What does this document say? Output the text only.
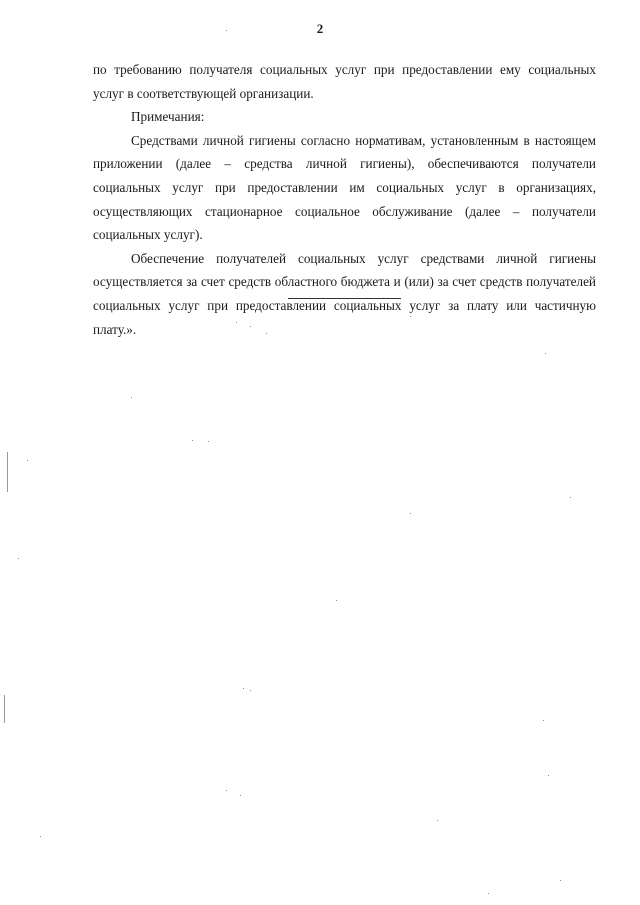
2

по требованию получателя социальных услуг при предоставлении ему социальных услуг в соответствующей организации.

Примечания:

Средствами личной гигиены согласно нормативам, установленным в настоящем приложении (далее – средства личной гигиены), обеспечиваются получатели социальных услуг при предоставлении им социальных услуг в организациях, осуществляющих стационарное социальное обслуживание (далее – получатели социальных услуг).

Обеспечение получателей социальных услуг средствами личной гигиены осуществляется за счет средств областного бюджета и (или) за счет средств получателей социальных услуг при предоставлении социальных услуг за плату или частичную плату.».
